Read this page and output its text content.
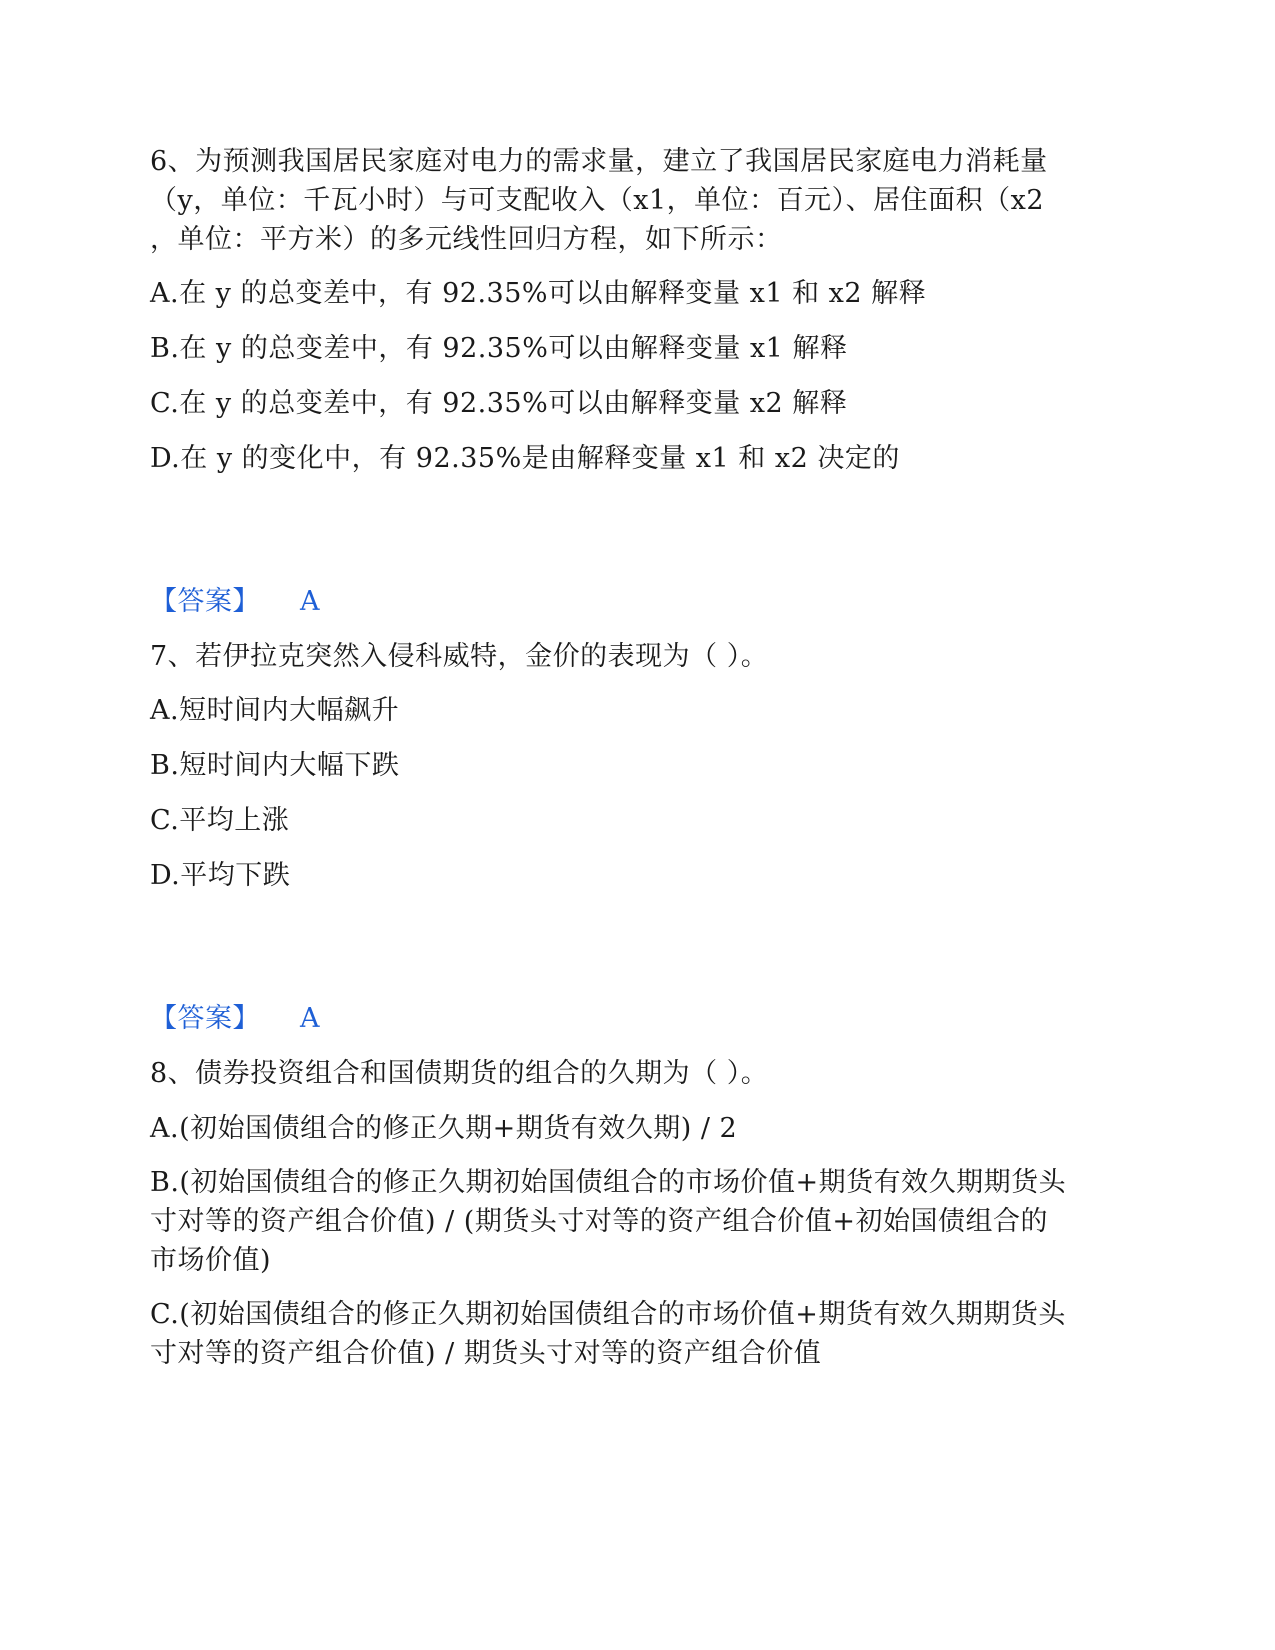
6、为预测我国居民家庭对电力的需求量，建立了我国居民家庭电力消耗量
（y，单位：千瓦小时）与可支配收入（x1，单位：百元）、居住面积（x2
，单位：平方米）的多元线性回归方程，如下所示：
A.在 y 的总变差中，有 92.35%可以由解释变量 x1 和 x2 解释
B.在 y 的总变差中，有 92.35%可以由解释变量 x1 解释
C.在 y 的总变差中，有 92.35%可以由解释变量 x2 解释
D.在 y 的变化中，有 92.35%是由解释变量 x1 和 x2 决定的
【答案】 A
7、若伊拉克突然入侵科威特，金价的表现为（ ）。
A.短时间内大幅飙升
B.短时间内大幅下跌
C.平均上涨
D.平均下跌
【答案】 A
8、债券投资组合和国债期货的组合的久期为（ ）。
A.(初始国债组合的修正久期+期货有效久期) / 2
B.(初始国债组合的修正久期初始国债组合的市场价值+期货有效久期期货头
寸对等的资产组合价值) / (期货头寸对等的资产组合价值+初始国债组合的
市场价值)
C.(初始国债组合的修正久期初始国债组合的市场价值+期货有效久期期货头
寸对等的资产组合价值) / 期货头寸对等的资产组合价值
